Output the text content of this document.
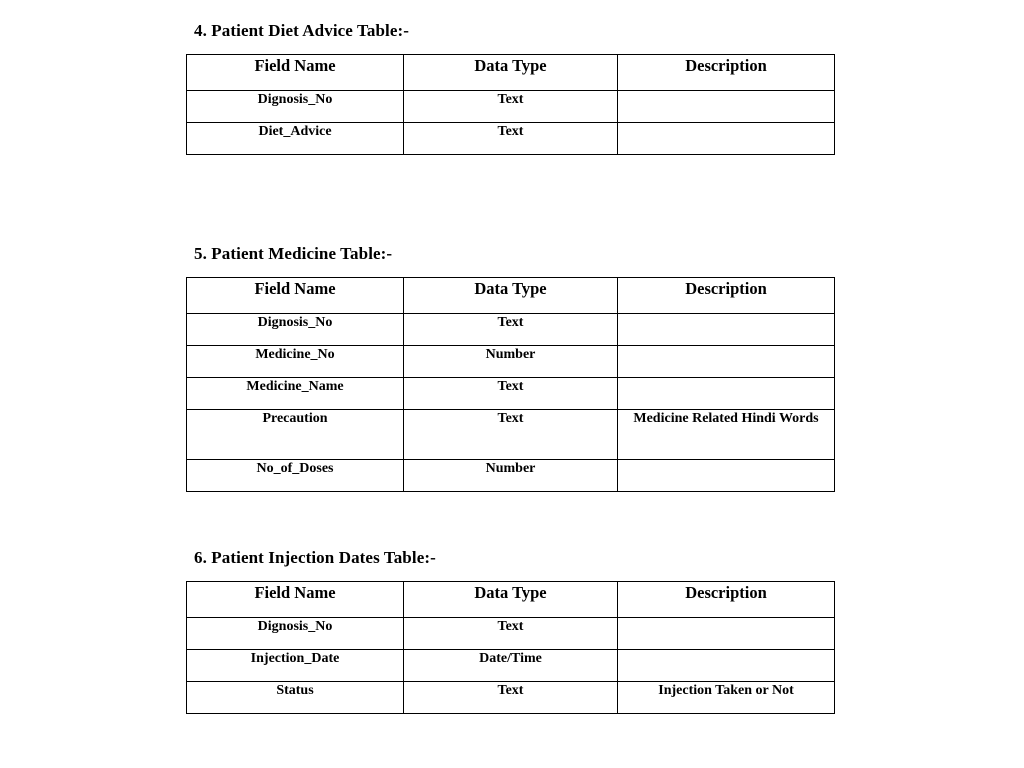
4. Patient Diet Advice Table:-
Field Name	Data Type	Description
Dignosis_No	Text	
Diet_Advice	Text	
5. Patient Medicine Table:-
Field Name	Data Type	Description
Dignosis_No	Text	
Medicine_No	Number	
Medicine_Name	Text	
Precaution	Text	Medicine Related Hindi Words
No_of_Doses	Number	
6. Patient Injection Dates Table:-
Field Name	Data Type	Description
Dignosis_No	Text	
Injection_Date	Date/Time	
Status	Text	Injection Taken or Not
